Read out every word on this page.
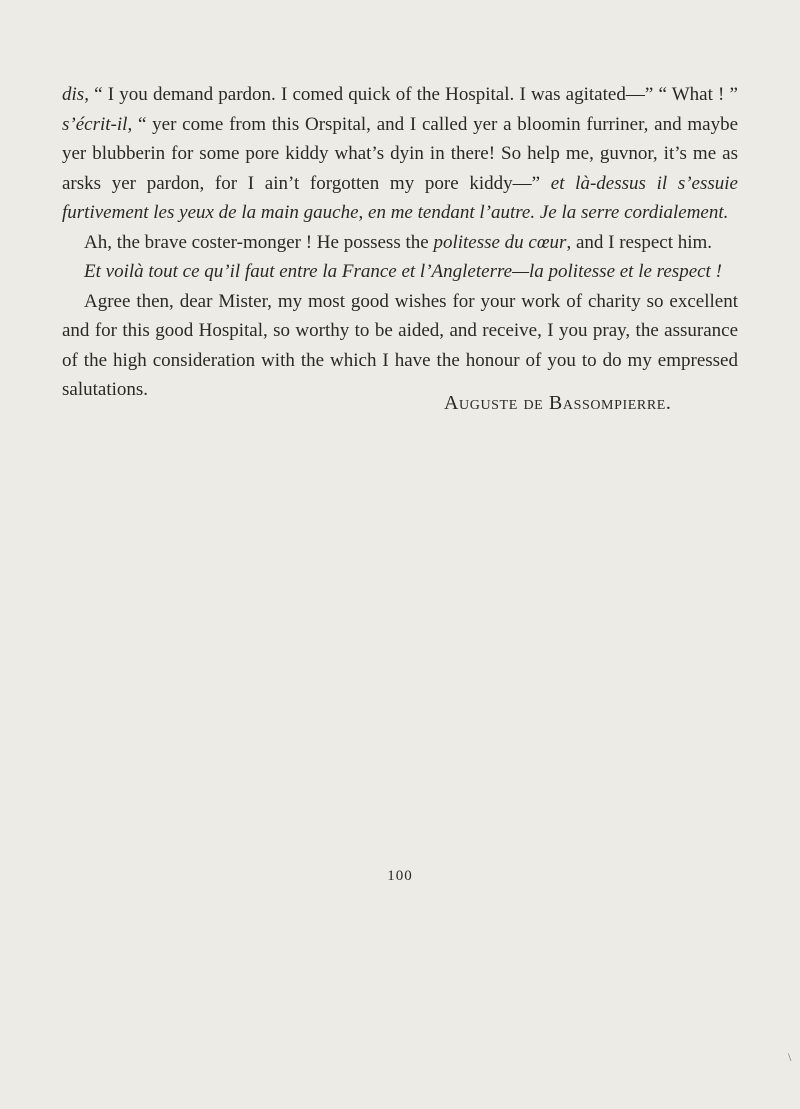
dis, “ I you demand pardon. I comed quick of the Hospital. I was agitated—” “ What ! ” s’écrit-il, “ yer come from this Orspital, and I called yer a bloomin furriner, and maybe yer blubberin for some pore kiddy what’s dyin in there! So help me, guvnor, it’s me as arsks yer pardon, for I ain’t forgotten my pore kiddy—” et là-dessus il s’essuie furtivement les yeux de la main gauche, en me tendant l’autre. Je la serre cordialement.

Ah, the brave coster-monger ! He possess the politesse du cœur, and I respect him.

Et voilà tout ce qu’il faut entre la France et l’Angleterre—la politesse et le respect !

Agree then, dear Mister, my most good wishes for your work of charity so excellent and for this good Hospital, so worthy to be aided, and receive, I you pray, the assurance of the high consideration with the which I have the honour of you to do my empressed salutations.

Auguste de Bassompierre.
100
\
